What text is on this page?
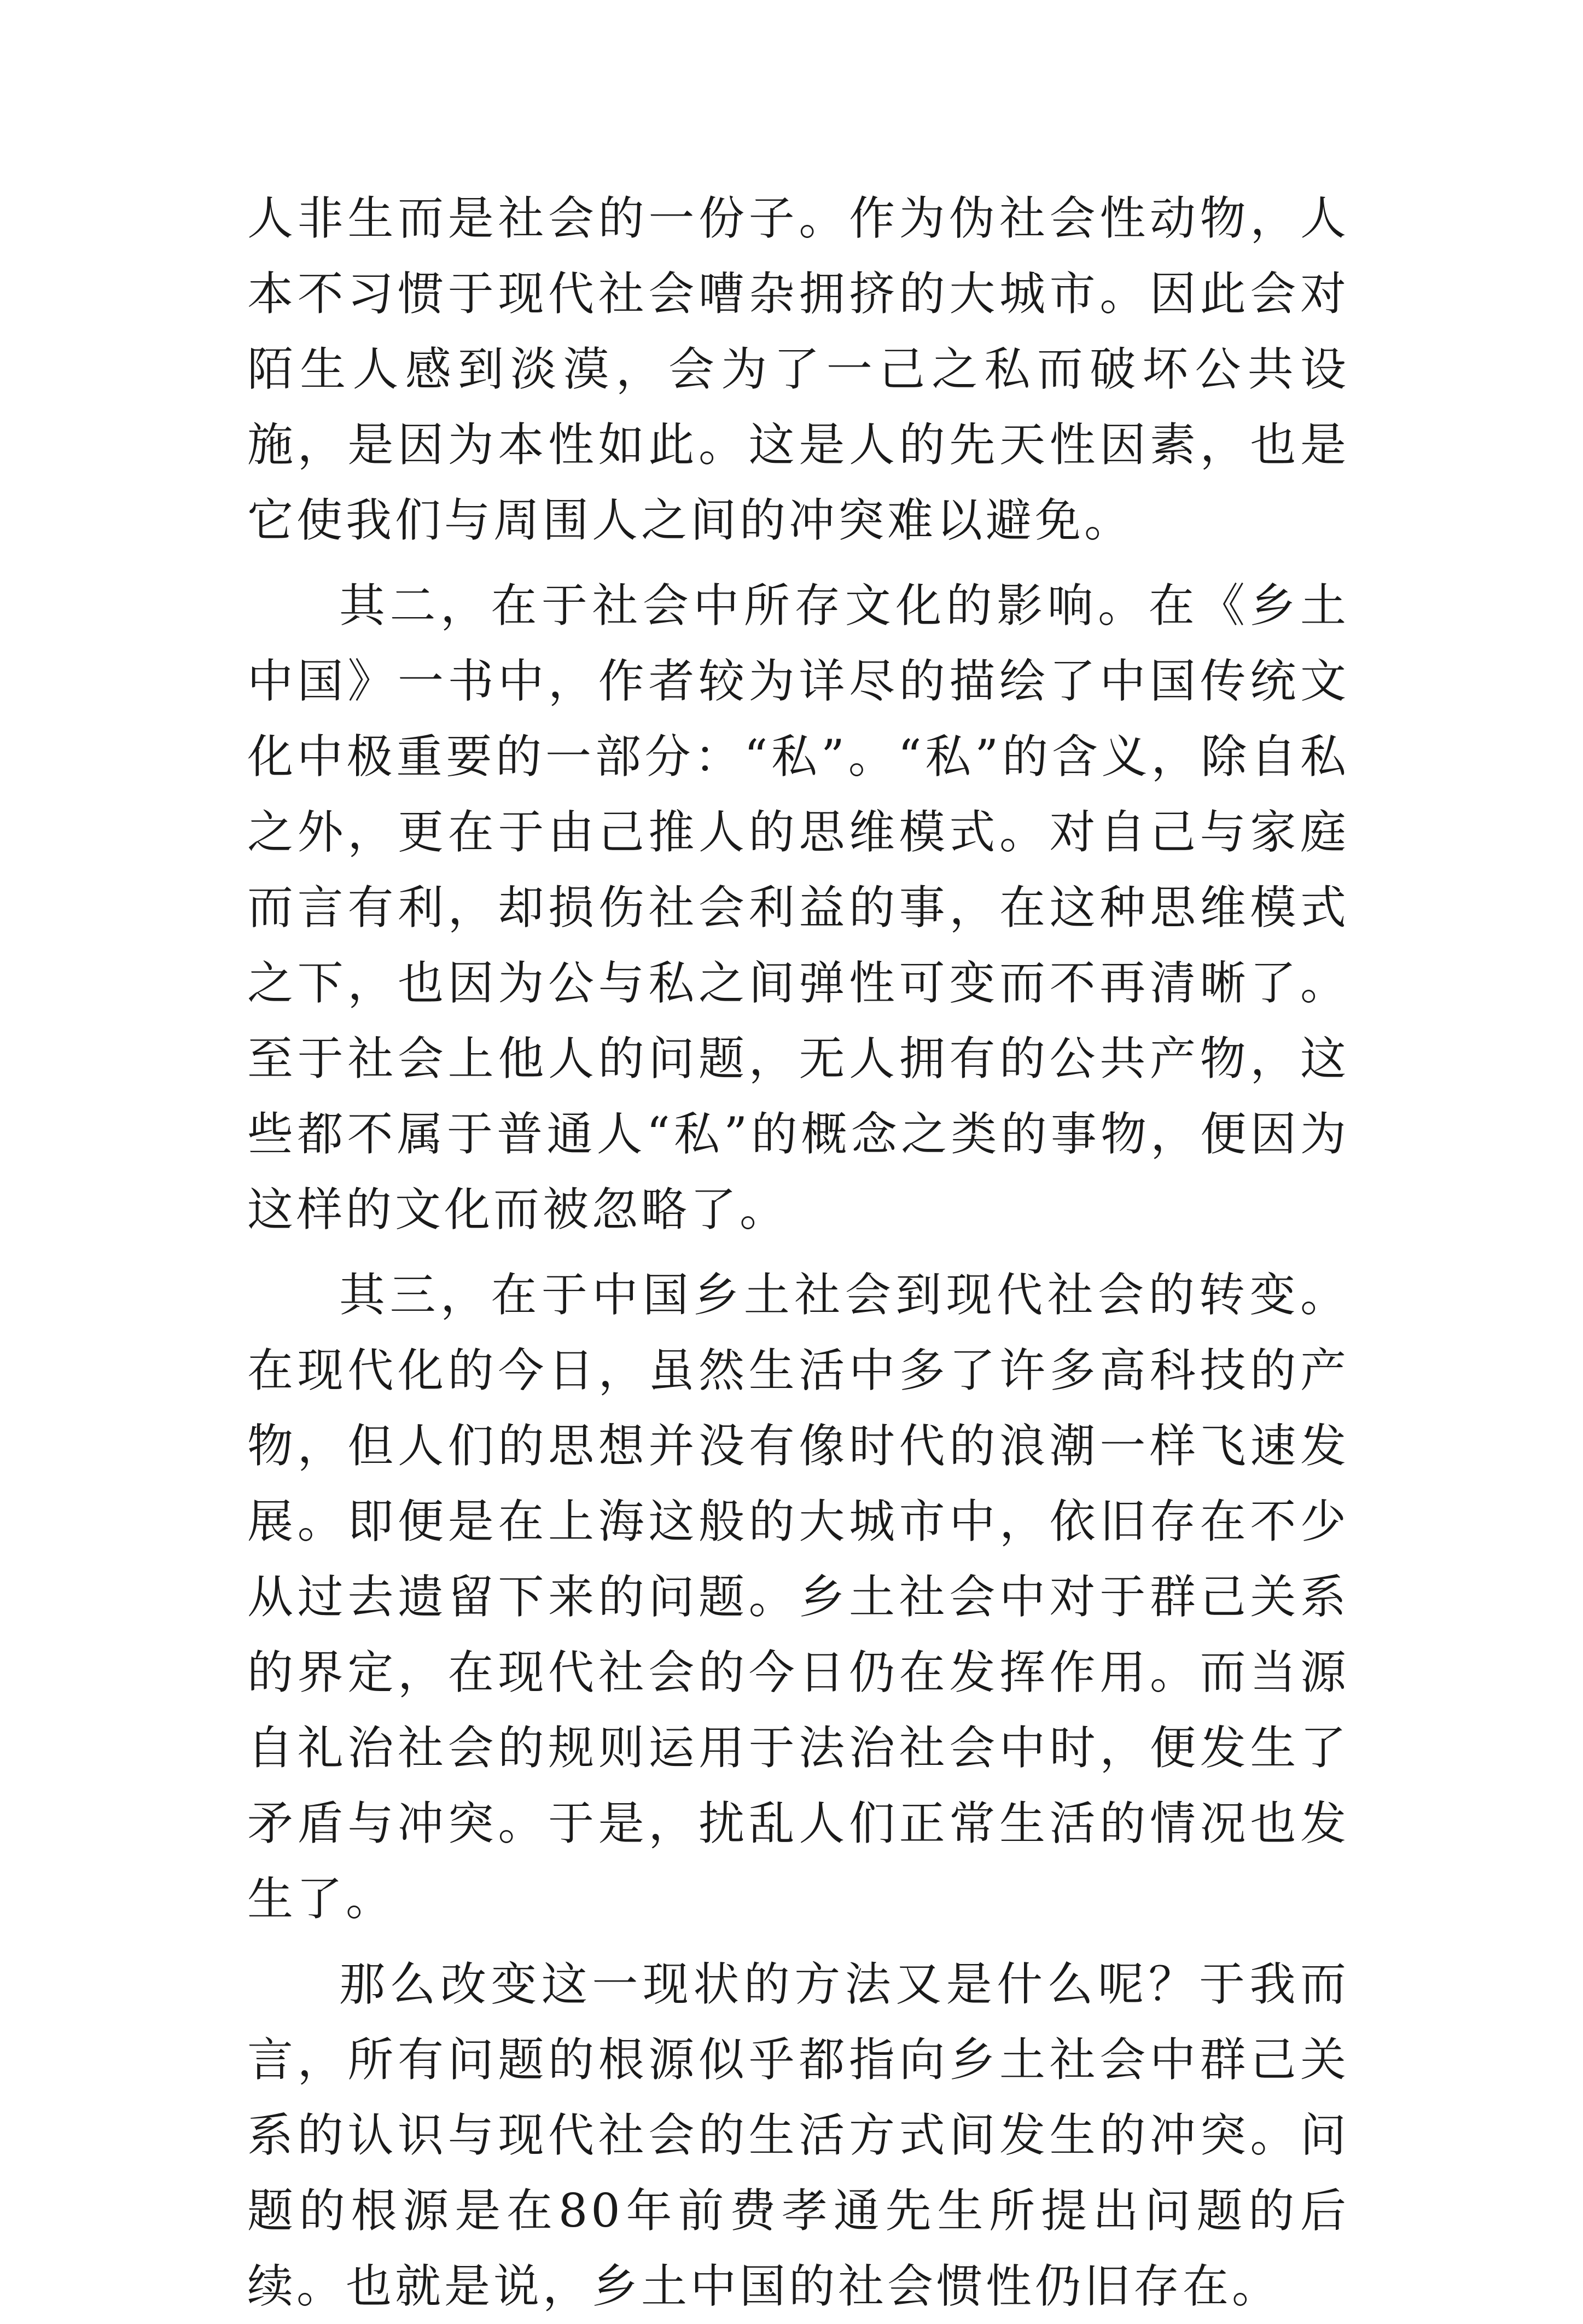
人非生而是社会的一份子。作为伪社会性动物，人本不习惯于现代社会嘈杂拥挤的大城市。因此会对陌生人感到淡漠，会为了一己之私而破坏公共设施，是因为本性如此。这是人的先天性因素，也是它使我们与周围人之间的冲突难以避免。

其二，在于社会中所存文化的影响。在《乡土中国》一书中，作者较为详尽的描绘了中国传统文化中极重要的一部分：“私”。“私”的含义，除自私之外，更在于由己推人的思维模式。对自己与家庭而言有利，却损伤社会利益的事，在这种思维模式之下，也因为公与私之间弹性可变而不再清晰了。至于社会上他人的问题，无人拥有的公共产物，这些都不属于普通人“私”的概念之类的事物，便因为这样的文化而被忽略了。

其三，在于中国乡土社会到现代社会的转变。在现代化的今日，虽然生活中多了许多高科技的产物，但人们的思想并没有像时代的浪潮一样飞速发展。即便是在上海这般的大城市中，依旧存在不少从过去遗留下来的问题。乡土社会中对于群己关系的界定，在现代社会的今日仍在发挥作用。而当源自礼治社会的规则运用于法治社会中时，便发生了矛盾与冲突。于是，扰乱人们正常生活的情况也发生了。

那么改变这一现状的方法又是什么呢？于我而言，所有问题的根源似乎都指向乡土社会中群己关系的认识与现代社会的生活方式间发生的冲突。问题的根源是在80年前费孝通先生所提出问题的后续。也就是说，乡土中国的社会惯性仍旧存在。
